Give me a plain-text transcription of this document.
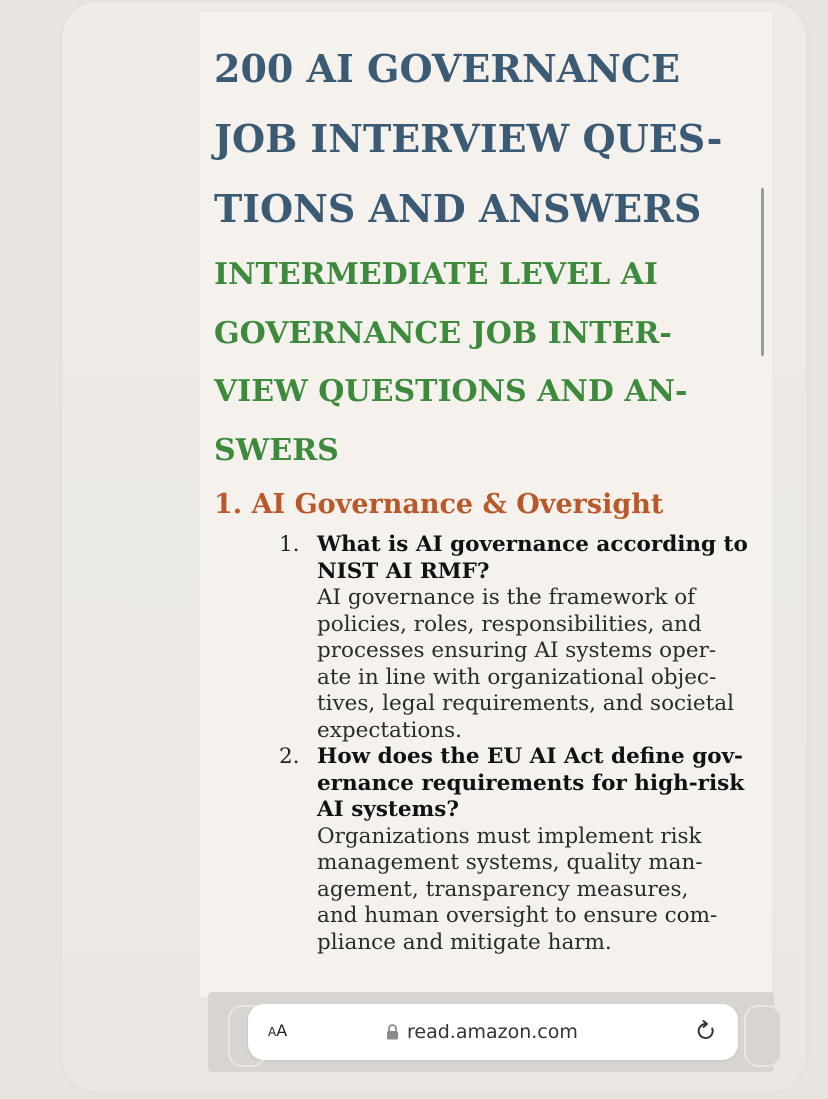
200 AI GOVERNANCE
JOB INTERVIEW QUES-
TIONS AND ANSWERS
INTERMEDIATE LEVEL AI
GOVERNANCE JOB INTER-
VIEW QUESTIONS AND AN-
SWERS
1. AI Governance & Oversight
1. What is AI governance according to
NIST AI RMF?
AI governance is the framework of
policies, roles, responsibilities, and
processes ensuring AI systems oper-
ate in line with organizational objec-
tives, legal requirements, and societal
expectations.
2. How does the EU AI Act define gov-
ernance requirements for high-risk
AI systems?
Organizations must implement risk
management systems, quality man-
agement, transparency measures,
and human oversight to ensure com-
pliance and mitigate harm.
AA	read.amazon.com
